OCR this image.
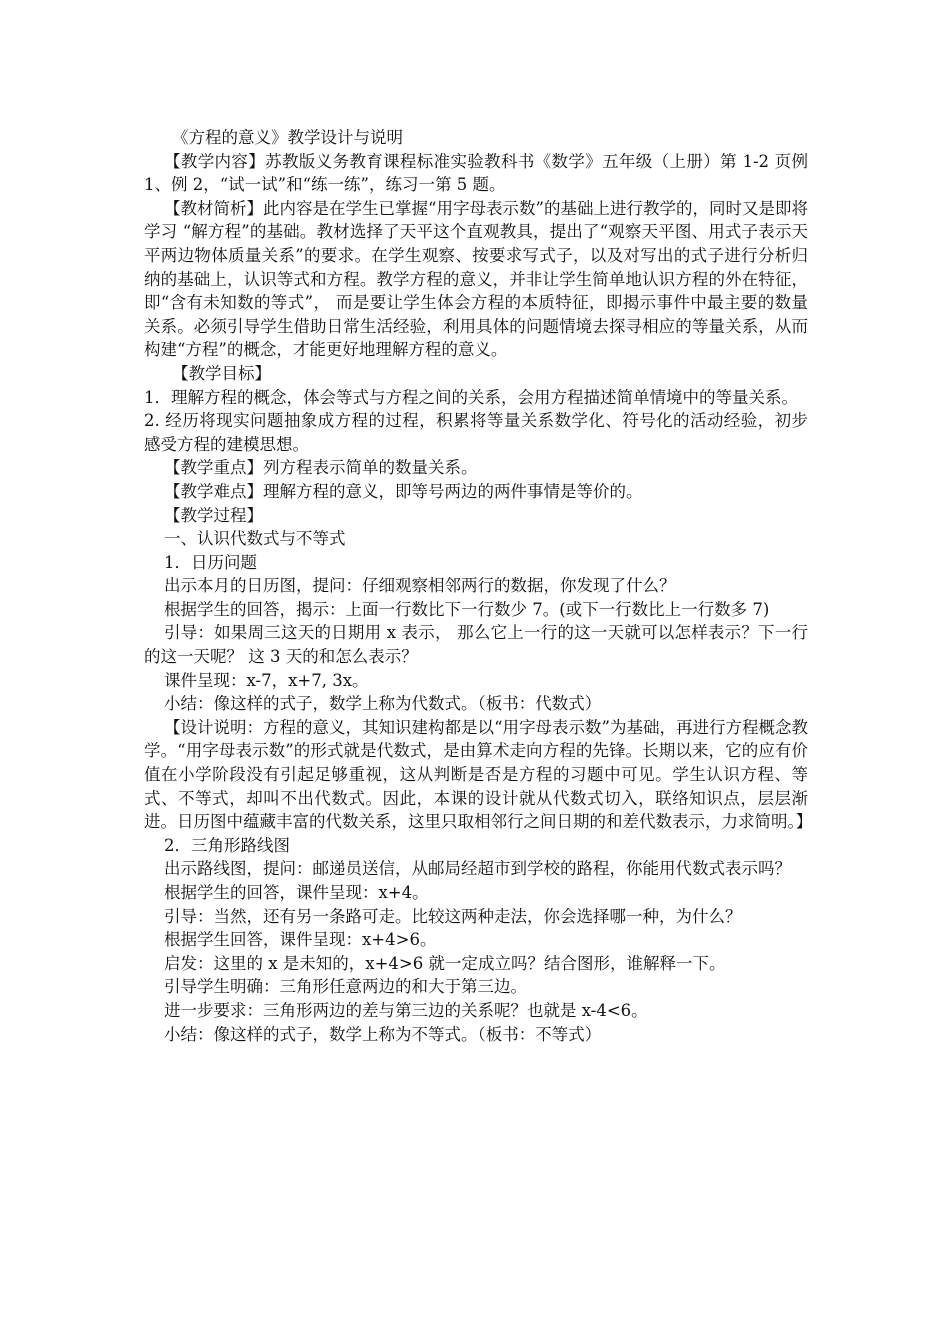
《方程的意义》教学设计与说明

【教学内容】苏教版义务教育课程标准实验教科书《数学》五年级（上册）第 1-2 页例 1、例 2，“试一试”和“练一练”，练习一第 5 题。

【教材简析】此内容是在学生已掌握“用字母表示数”的基础上进行教学的，同时又是即将学习 “解方程”的基础。教材选择了天平这个直观教具，提出了“观察天平图、用式子表示天平两边物体质量关系”的要求。在学生观察、按要求写式子，以及对写出的式子进行分析归纳的基础上，认识等式和方程。教学方程的意义，并非让学生简单地认识方程的外在特征，即“含有未知数的等式”， 而是要让学生体会方程的本质特征，即揭示事件中最主要的数量关系。必须引导学生借助日常生活经验，利用具体的问题情境去探寻相应的等量关系，从而构建“方程”的概念，才能更好地理解方程的意义。

【教学目标】

1．理解方程的概念，体会等式与方程之间的关系，会用方程描述简单情境中的等量关系。

2. 经历将现实问题抽象成方程的过程，积累将等量关系数学化、符号化的活动经验，初步感受方程的建模思想。

【教学重点】列方程表示简单的数量关系。

【教学难点】理解方程的意义，即等号两边的两件事情是等价的。

【教学过程】

一、认识代数式与不等式

1．日历问题

出示本月的日历图，提问：仔细观察相邻两行的数据，你发现了什么？

根据学生的回答，揭示：上面一行数比下一行数少 7。(或下一行数比上一行数多 7)

引导：如果周三这天的日期用 x 表示， 那么它上一行的这一天就可以怎样表示？下一行的这一天呢？ 这 3 天的和怎么表示？

课件呈现：x-7，x+7, 3x。

小结：像这样的式子，数学上称为代数式。（板书：代数式）

【设计说明：方程的意义，其知识建构都是以“用字母表示数”为基础，再进行方程概念教学。“用字母表示数”的形式就是代数式，是由算术走向方程的先锋。长期以来，它的应有价值在小学阶段没有引起足够重视，这从判断是否是方程的习题中可见。学生认识方程、等式、不等式，却叫不出代数式。因此，本课的设计就从代数式切入，联络知识点，层层渐进。日历图中蕴藏丰富的代数关系，这里只取相邻行之间日期的和差代数表示，力求简明。】

2．三角形路线图

出示路线图，提问：邮递员送信，从邮局经超市到学校的路程，你能用代数式表示吗？

根据学生的回答，课件呈现：x+4。

引导：当然，还有另一条路可走。比较这两种走法，你会选择哪一种，为什么？

根据学生回答，课件呈现：x+4>6。

启发：这里的 x 是未知的，x+4>6 就一定成立吗？结合图形，谁解释一下。

引导学生明确：三角形任意两边的和大于第三边。

进一步要求：三角形两边的差与第三边的关系呢？也就是 x-4<6。

小结：像这样的式子，数学上称为不等式。（板书：不等式）
